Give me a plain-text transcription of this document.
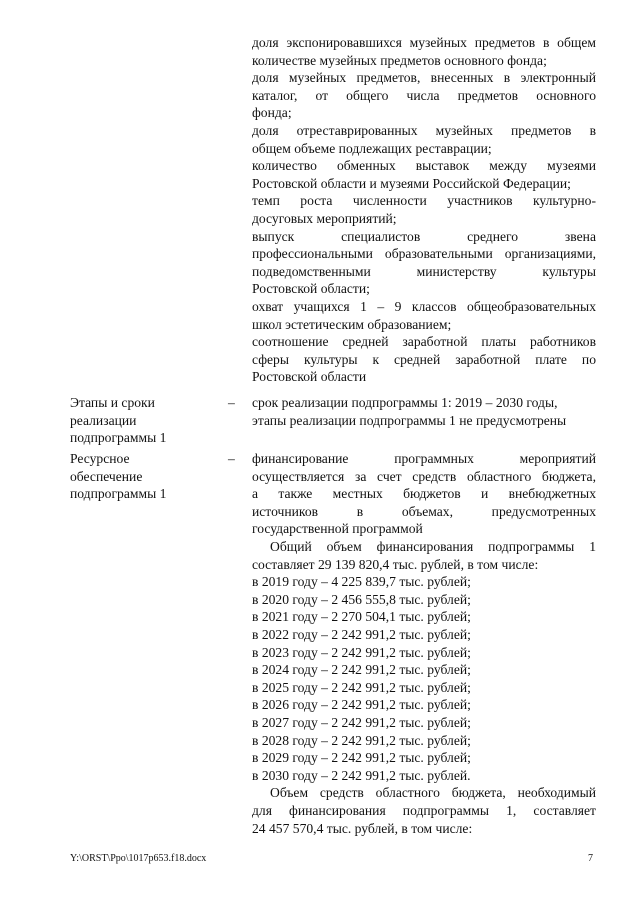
доля экспонировавшихся музейных предметов в общем
количестве музейных предметов основного фонда;
доля музейных предметов, внесенных в электронный
каталог, от общего числа предметов основного
фонда;
доля отреставрированных музейных предметов в
общем объеме подлежащих реставрации;
количество обменных выставок между музеями
Ростовской области и музеями Российской Федерации;
темп роста численности участников культурно-
досуговых мероприятий;
выпуск специалистов среднего звена
профессиональными образовательными организациями,
подведомственными министерству культуры
Ростовской области;
охват учащихся 1 – 9 классов общеобразовательных
школ эстетическим образованием;
соотношение средней заработной платы работников
сферы культуры к средней заработной плате по
Ростовской области
Этапы и сроки
реализации
подпрограммы 1
– срок реализации подпрограммы 1: 2019 – 2030 годы,
этапы реализации подпрограммы 1 не предусмотрены
Ресурсное
обеспечение
подпрограммы 1
– финансирование программных мероприятий
осуществляется за счет средств областного бюджета,
а также местных бюджетов и внебюджетных
источников в объемах, предусмотренных
государственной программой
Общий объем финансирования подпрограммы 1
составляет 29 139 820,4 тыс. рублей, в том числе:
в 2019 году – 4 225 839,7 тыс. рублей;
в 2020 году – 2 456 555,8 тыс. рублей;
в 2021 году – 2 270 504,1 тыс. рублей;
в 2022 году – 2 242 991,2 тыс. рублей;
в 2023 году – 2 242 991,2 тыс. рублей;
в 2024 году – 2 242 991,2 тыс. рублей;
в 2025 году – 2 242 991,2 тыс. рублей;
в 2026 году – 2 242 991,2 тыс. рублей;
в 2027 году – 2 242 991,2 тыс. рублей;
в 2028 году – 2 242 991,2 тыс. рублей;
в 2029 году – 2 242 991,2 тыс. рублей;
в 2030 году – 2 242 991,2 тыс. рублей.
Объем средств областного бюджета, необходимый
для финансирования подпрограммы 1, составляет
24 457 570,4 тыс. рублей, в том числе:
Y:\ORST\Ppo\1017p653.f18.docx	7
